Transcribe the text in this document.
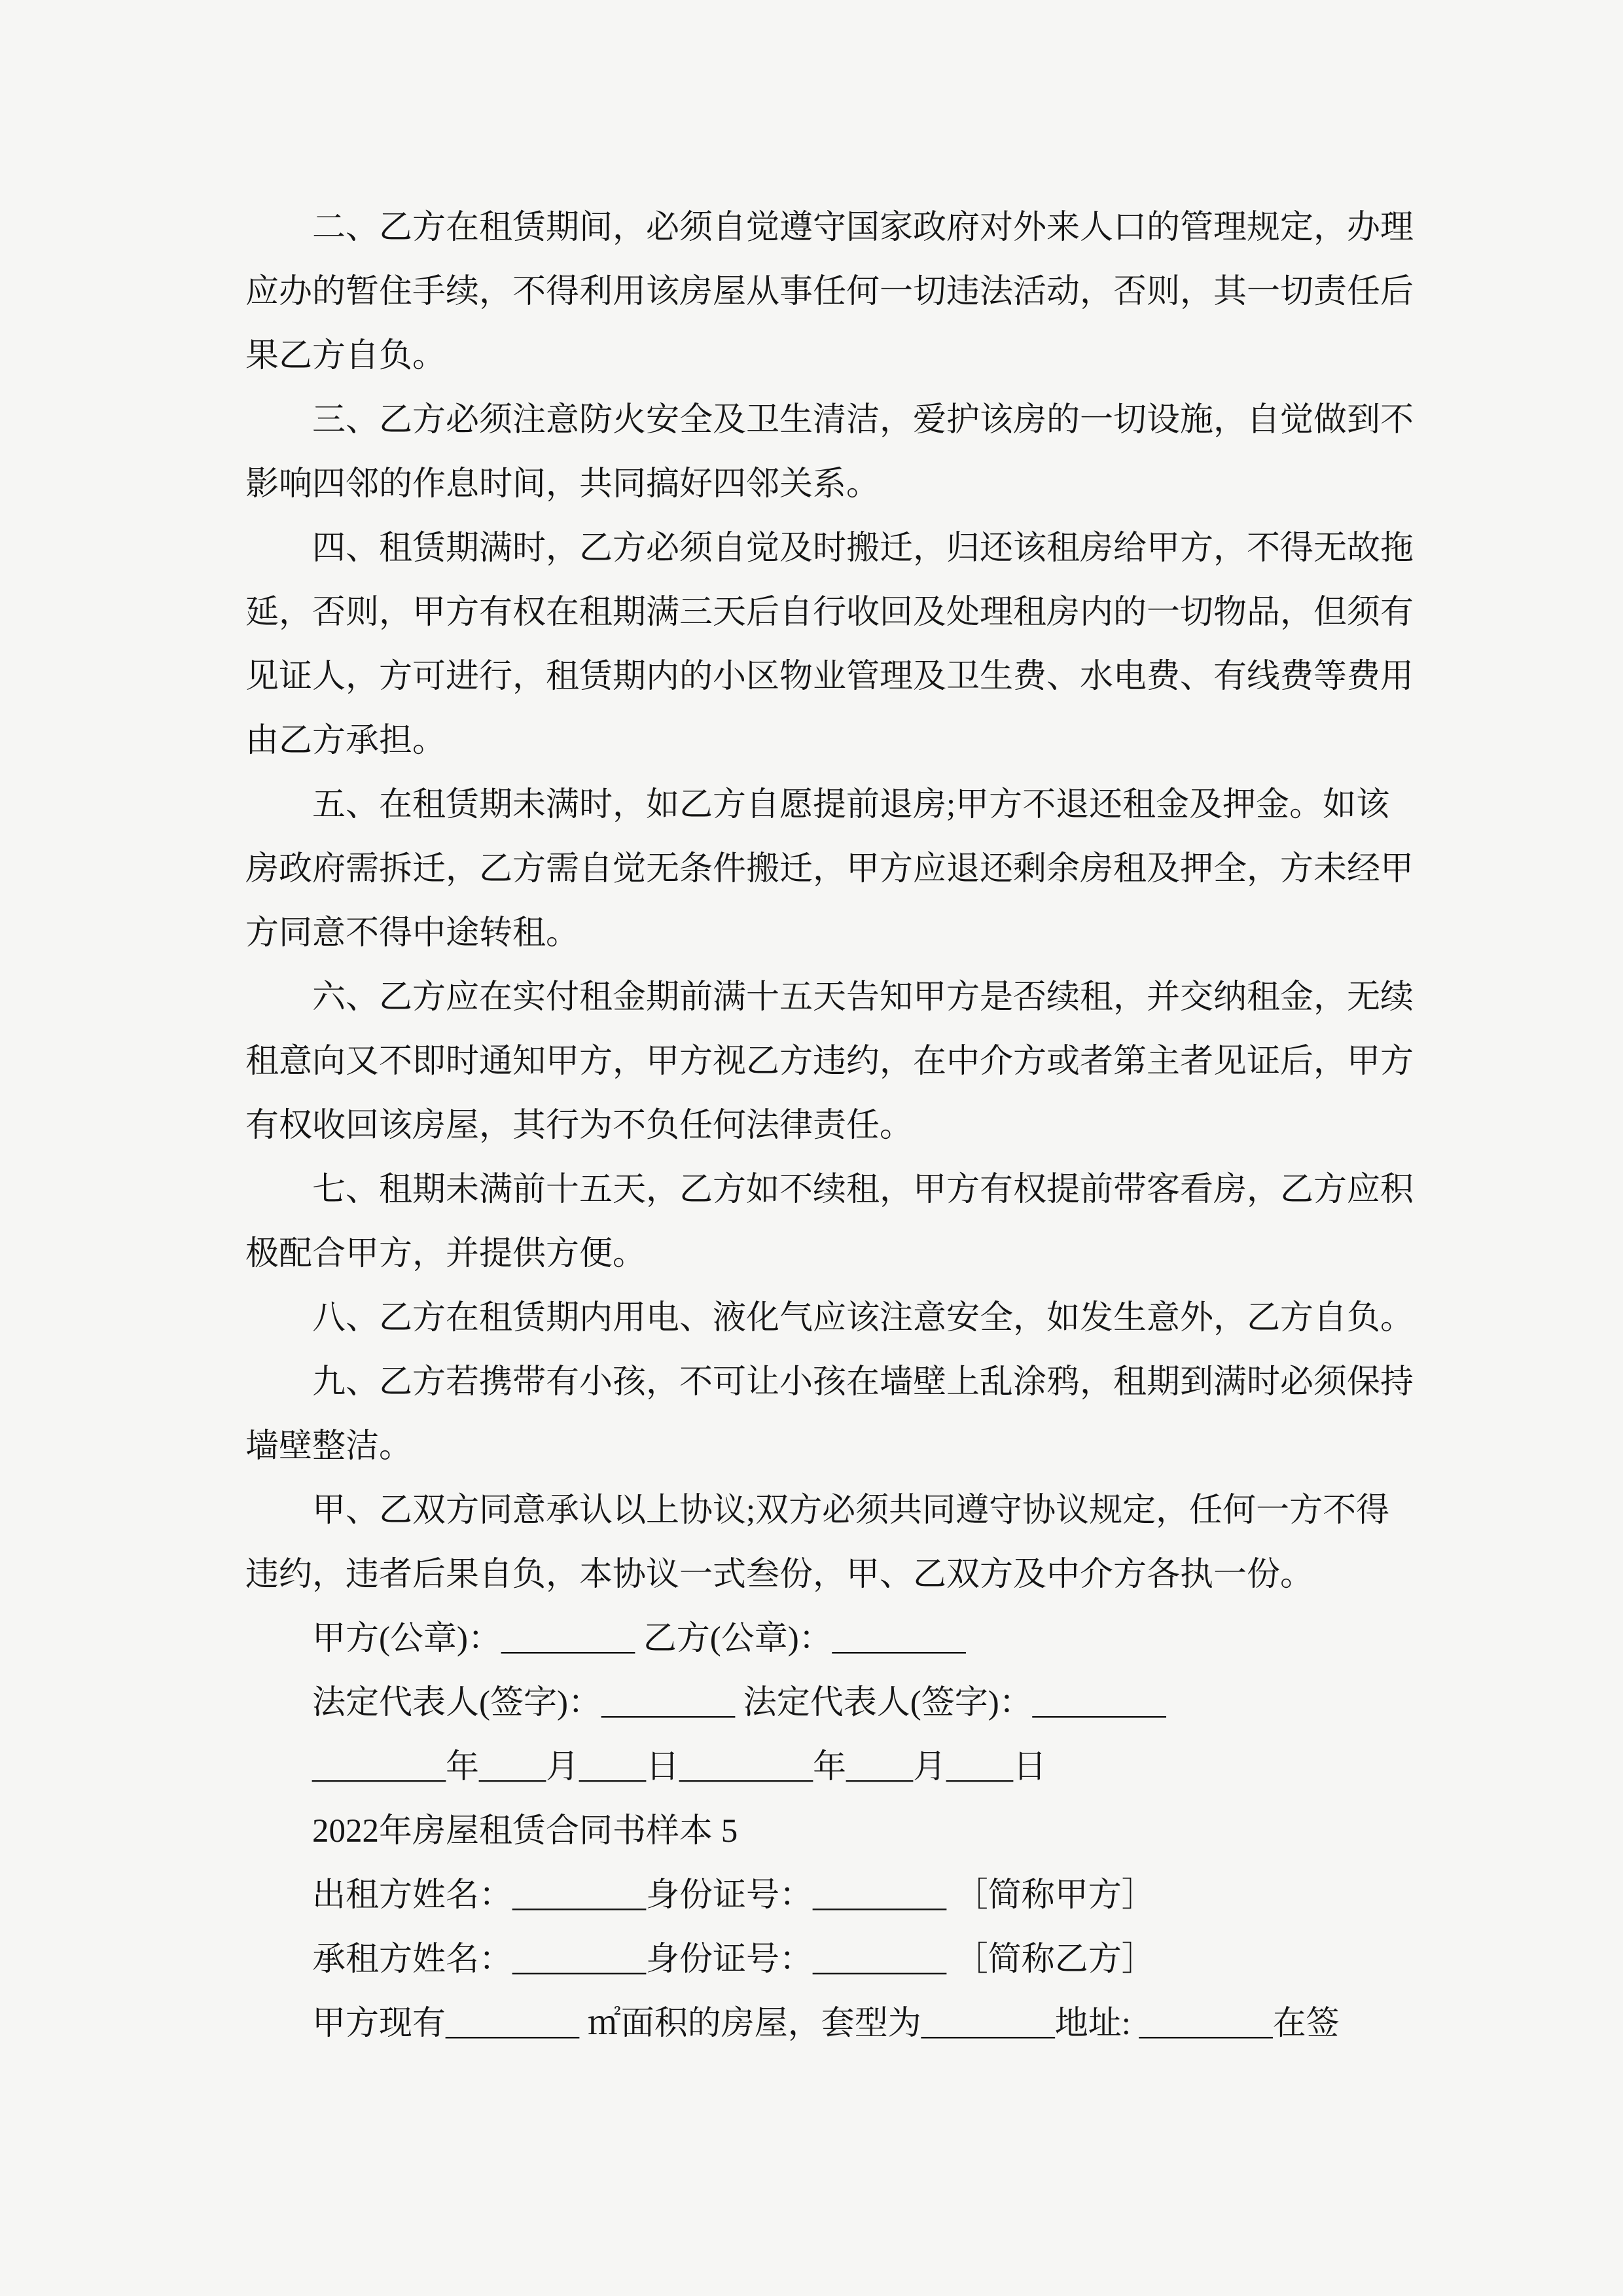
二、乙方在租赁期间，必须自觉遵守国家政府对外来人口的管理规定，办理

应办的暂住手续，不得利用该房屋从事任何一切违法活动，否则，其一切责任后

果乙方自负。

三、乙方必须注意防火安全及卫生清洁，爱护该房的一切设施，自觉做到不

影响四邻的作息时间，共同搞好四邻关系。

四、租赁期满时，乙方必须自觉及时搬迁，归还该租房给甲方，不得无故拖

延，否则，甲方有权在租期满三天后自行收回及处理租房内的一切物品，但须有

见证人，方可进行，租赁期内的小区物业管理及卫生费、水电费、有线费等费用

由乙方承担。

五、在租赁期未满时，如乙方自愿提前退房;甲方不退还租金及押金。如该

房政府需拆迁，乙方需自觉无条件搬迁，甲方应退还剩余房租及押全，方未经甲

方同意不得中途转租。

六、乙方应在实付租金期前满十五天告知甲方是否续租，并交纳租金，无续

租意向又不即时通知甲方，甲方视乙方违约，在中介方或者第主者见证后，甲方

有权收回该房屋，其行为不负任何法律责任。

七、租期未满前十五天，乙方如不续租，甲方有权提前带客看房，乙方应积

极配合甲方，并提供方便。

八、乙方在租赁期内用电、液化气应该注意安全，如发生意外，乙方自负。

九、乙方若携带有小孩，不可让小孩在墙壁上乱涂鸦，租期到满时必须保持

墙壁整洁。

甲、乙双方同意承认以上协议;双方必须共同遵守协议规定，任何一方不得

违约，违者后果自负，本协议一式叁份，甲、乙双方及中介方各执一份。

甲方(公章)：________ 乙方(公章)：________

法定代表人(签字)：________ 法定代表人(签字)：________

________年____月____日________年____月____日

2022年房屋租赁合同书样本 5

出租方姓名：________身份证号：________ ［简称甲方］

承租方姓名：________身份证号：________ ［简称乙方］

甲方现有________ ㎡面积的房屋，套型为________地址: ________在签
